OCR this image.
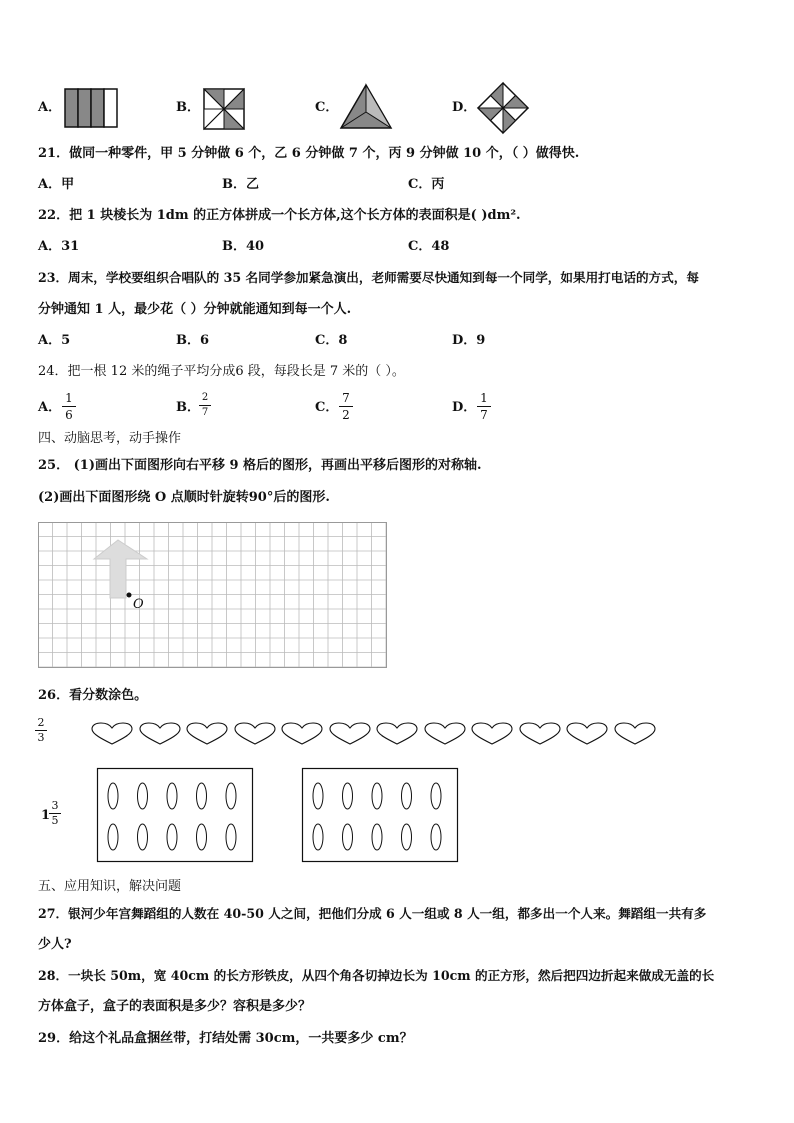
A．	B．	C．	D．
21．做同一种零件，甲 5 分钟做 6 个，乙 6 分钟做 7 个，丙 9 分钟做 10 个，（ ）做得快.
A．甲	B．乙	C．丙
22．把 1 块棱长为 1dm 的正方体拼成一个长方体,这个长方体的表面积是( )dm².
A．31	B．40	C．48
23．周末，学校要组织合唱队的 35 名同学参加紧急演出，老师需要尽快通知到每一个同学，如果用打电话的方式，每
分钟通知 1 人，最少花（ ）分钟就能通知到每一个人.
A．5	B．6	C．8	D．9
24．把一根 12 米的绳子平均分成6 段，每段长是 7 米的（ ）。
A．
1
6	B．
2
7	C．
7
2	D．
1
7
四、动脑思考，动手操作
25． (1)画出下面图形向右平移 9 格后的图形，再画出平移后图形的对称轴.
(2)画出下面图形绕 O 点顺时针旋转90°后的图形.
O
26．看分数涂色。
2
3
1
3
5
五、应用知识，解决问题
27．银河少年宫舞蹈组的人数在 40-50 人之间，把他们分成 6 人一组或 8 人一组，都多出一个人来。舞蹈组一共有多
少人?
28．一块长 50m，宽 40cm 的长方形铁皮，从四个角各切掉边长为 10cm 的正方形，然后把四边折起来做成无盖的长
方体盒子，盒子的表面积是多少？容积是多少？
29．给这个礼品盒捆丝带，打结处需 30cm，一共要多少 cm？
